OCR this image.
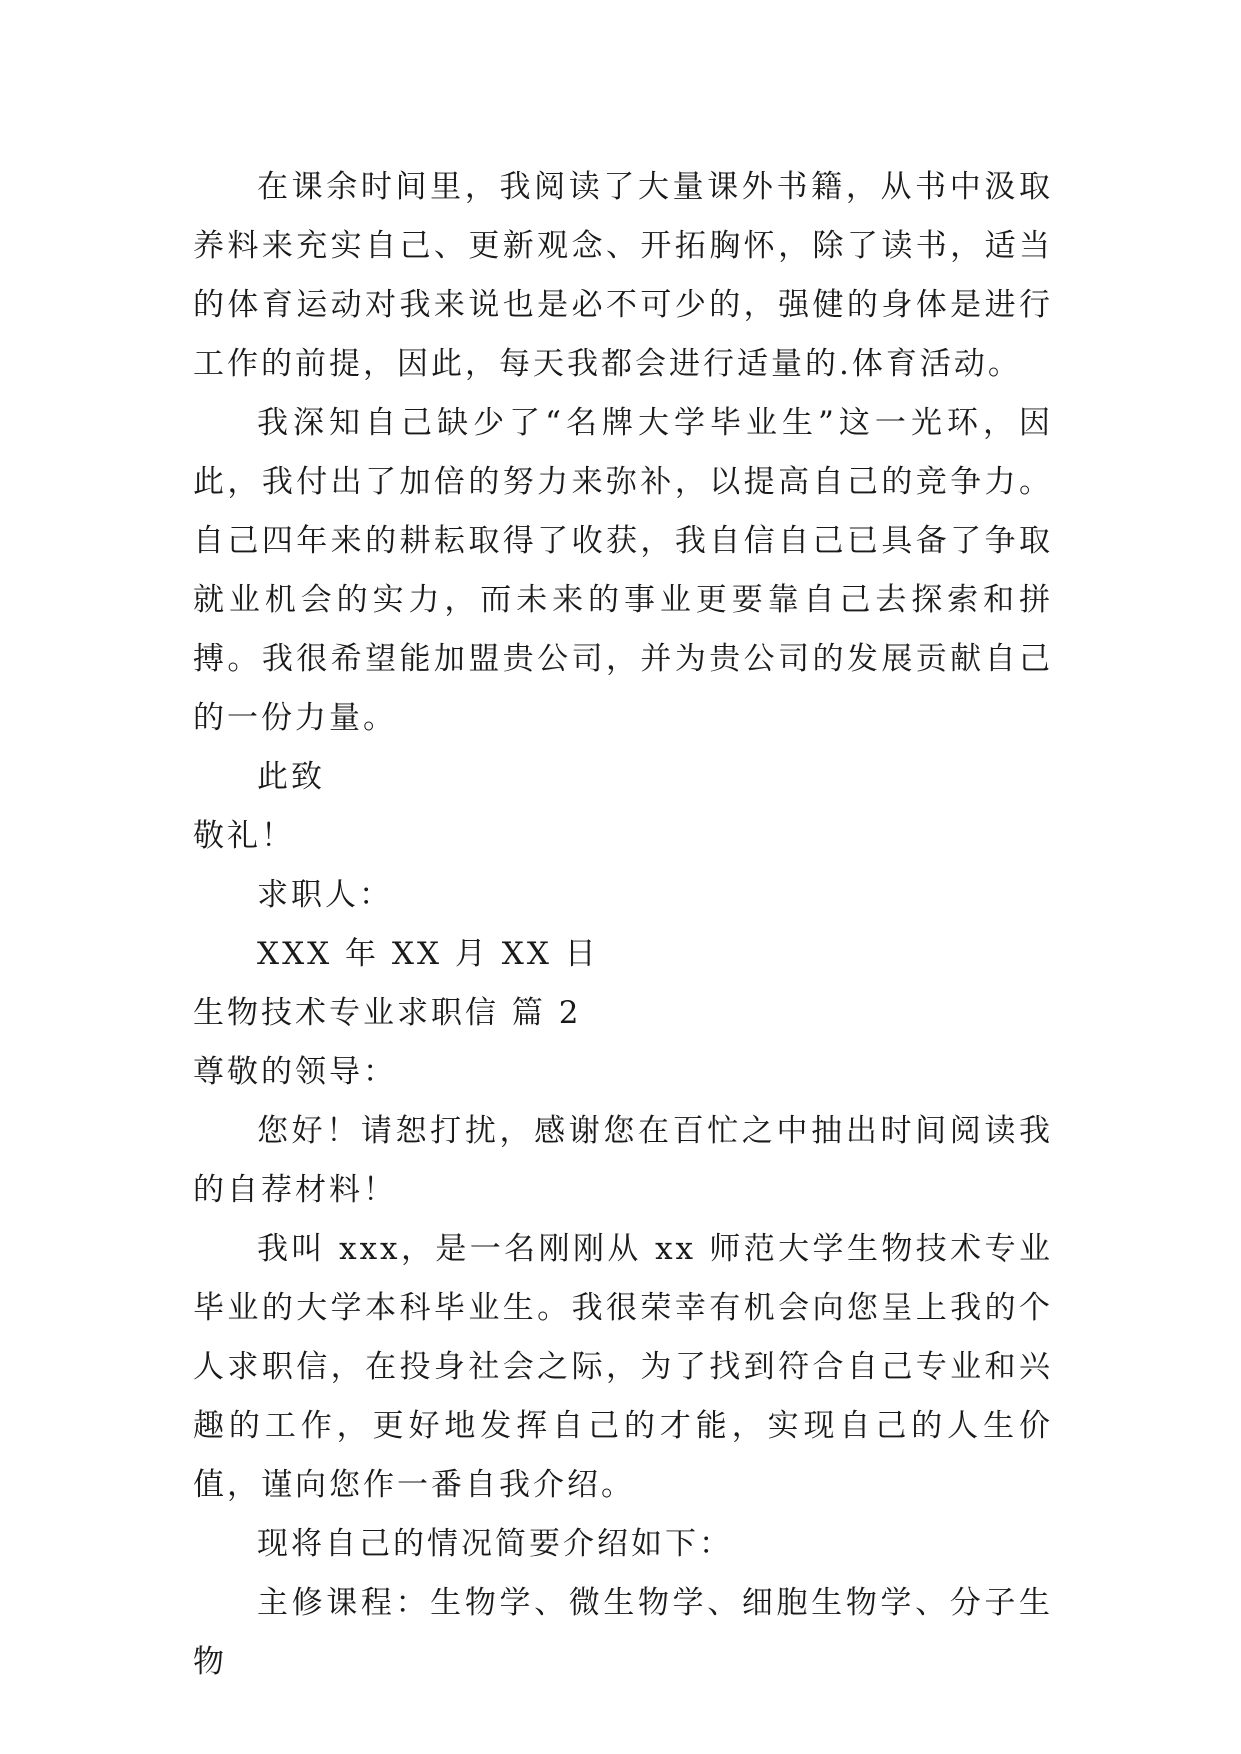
在课余时间里，我阅读了大量课外书籍，从书中汲取养料来充实自己、更新观念、开拓胸怀，除了读书，适当的体育运动对我来说也是必不可少的，强健的身体是进行工作的前提，因此，每天我都会进行适量的.体育活动。

我深知自己缺少了“名牌大学毕业生”这一光环，因此，我付出了加倍的努力来弥补，以提高自己的竞争力。自己四年来的耕耘取得了收获，我自信自己已具备了争取就业机会的实力，而未来的事业更要靠自己去探索和拼搏。我很希望能加盟贵公司，并为贵公司的发展贡献自己的一份力量。

此致

敬礼！

求职人：

XXX 年 XX 月 XX 日

生物技术专业求职信 篇 2

尊敬的领导：

您好！请恕打扰，感谢您在百忙之中抽出时间阅读我的自荐材料！

我叫 xxx，是一名刚刚从 xx 师范大学生物技术专业毕业的大学本科毕业生。我很荣幸有机会向您呈上我的个人求职信，在投身社会之际，为了找到符合自己专业和兴趣的工作，更好地发挥自己的才能，实现自己的人生价值，谨向您作一番自我介绍。

现将自己的情况简要介绍如下：

主修课程：生物学、微生物学、细胞生物学、分子生物
